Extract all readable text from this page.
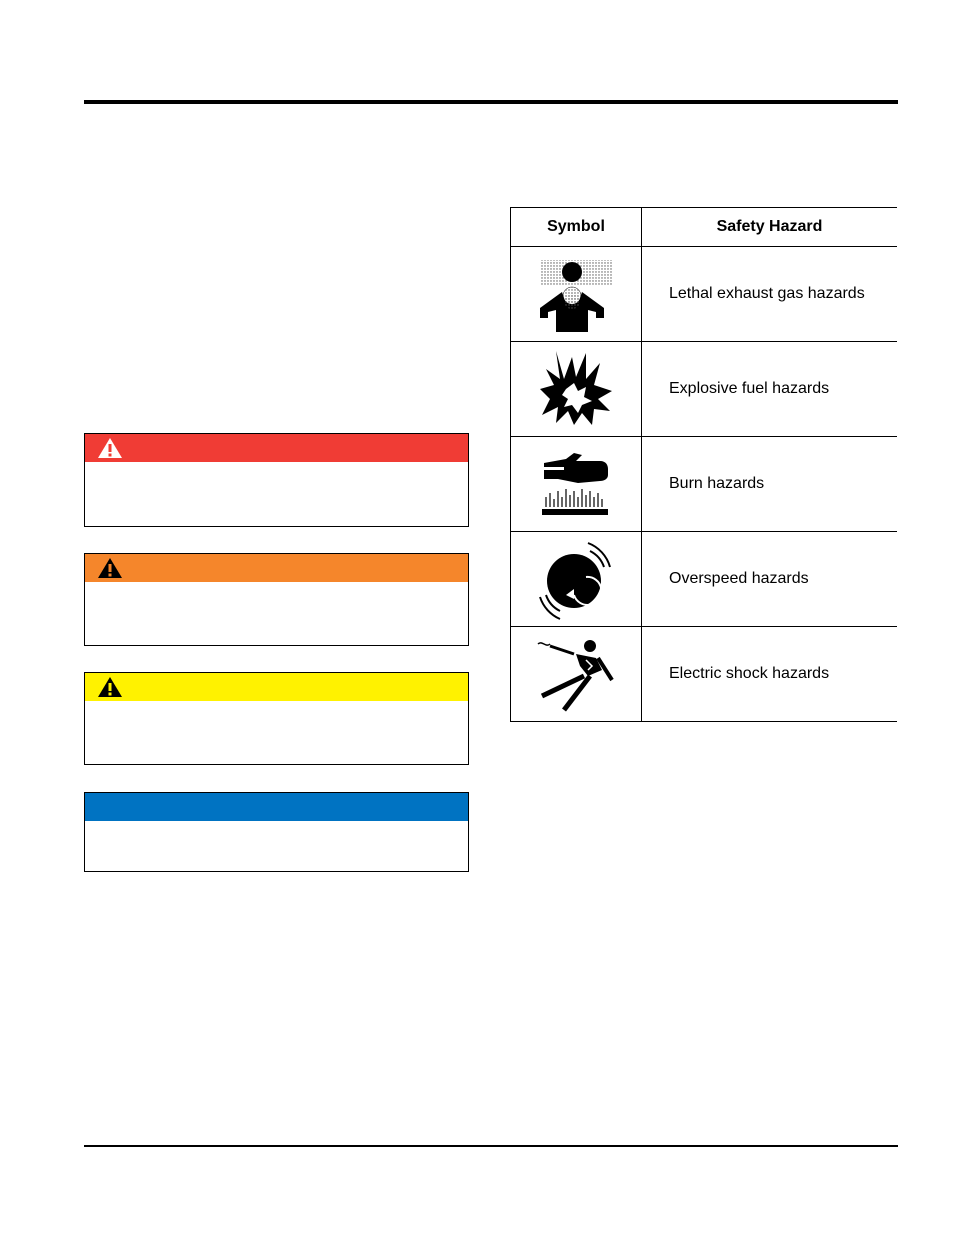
Symbol	Safety Hazard

	Lethal exhaust gas hazards

	Explosive fuel hazards

	Burn hazards

	Overspeed hazards

	Electric shock hazards
